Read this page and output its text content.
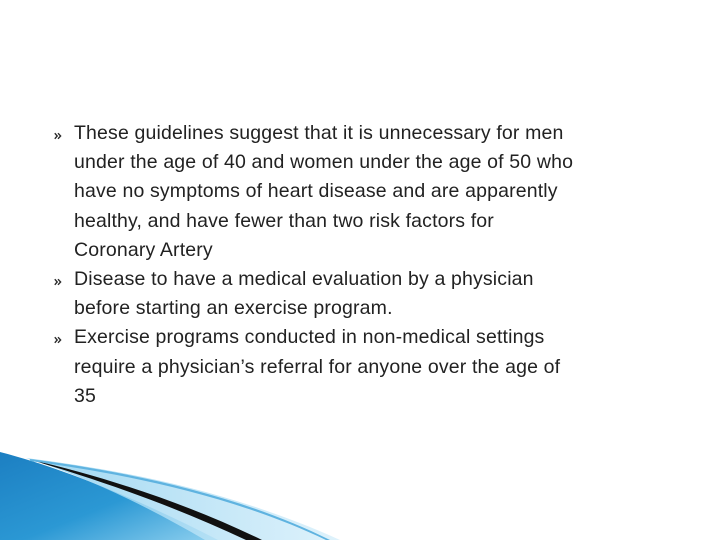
These guidelines suggest that it is unnecessary for men
under the age of 40 and women under the age of 50 who
have no symptoms of heart disease and are apparently
healthy, and have fewer than two risk factors for
Coronary Artery
Disease to have a medical evaluation by a physician
before starting an exercise program.
Exercise programs conducted in non-medical settings
require a physician’s referral for anyone over the age of
35
